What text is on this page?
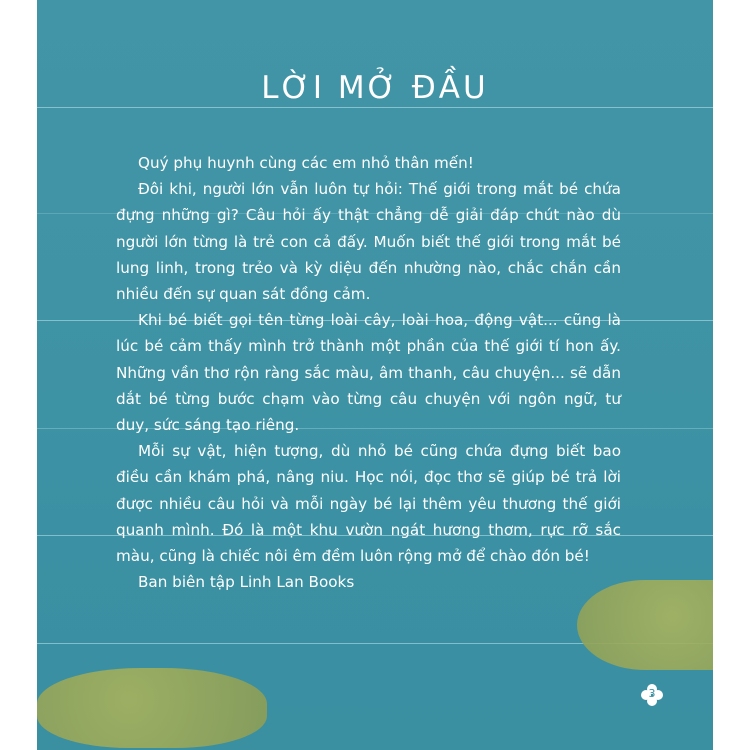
LỜI MỞ ĐẦU

Quý phụ huynh cùng các em nhỏ thân mến!

Đôi khi, người lớn vẫn luôn tự hỏi: Thế giới trong mắt bé chứa đựng những gì? Câu hỏi ấy thật chẳng dễ giải đáp chút nào dù người lớn từng là trẻ con cả đấy. Muốn biết thế giới trong mắt bé lung linh, trong trẻo và kỳ diệu đến nhường nào, chắc chắn cần nhiều đến sự quan sát đồng cảm.

Khi bé biết gọi tên từng loài cây, loài hoa, động vật... cũng là lúc bé cảm thấy mình trở thành một phần của thế giới tí hon ấy. Những vần thơ rộn ràng sắc màu, âm thanh, câu chuyện... sẽ dẫn dắt bé từng bước chạm vào từng câu chuyện với ngôn ngữ, tư duy, sức sáng tạo riêng.

Mỗi sự vật, hiện tượng, dù nhỏ bé cũng chứa đựng biết bao điều cần khám phá, nâng niu. Học nói, đọc thơ sẽ giúp bé trả lời được nhiều câu hỏi và mỗi ngày bé lại thêm yêu thương thế giới quanh mình. Đó là một khu vườn ngát hương thơm, rực rỡ sắc màu, cũng là chiếc nôi êm đềm luôn rộng mở để chào đón bé!

Ban biên tập Linh Lan Books

3
